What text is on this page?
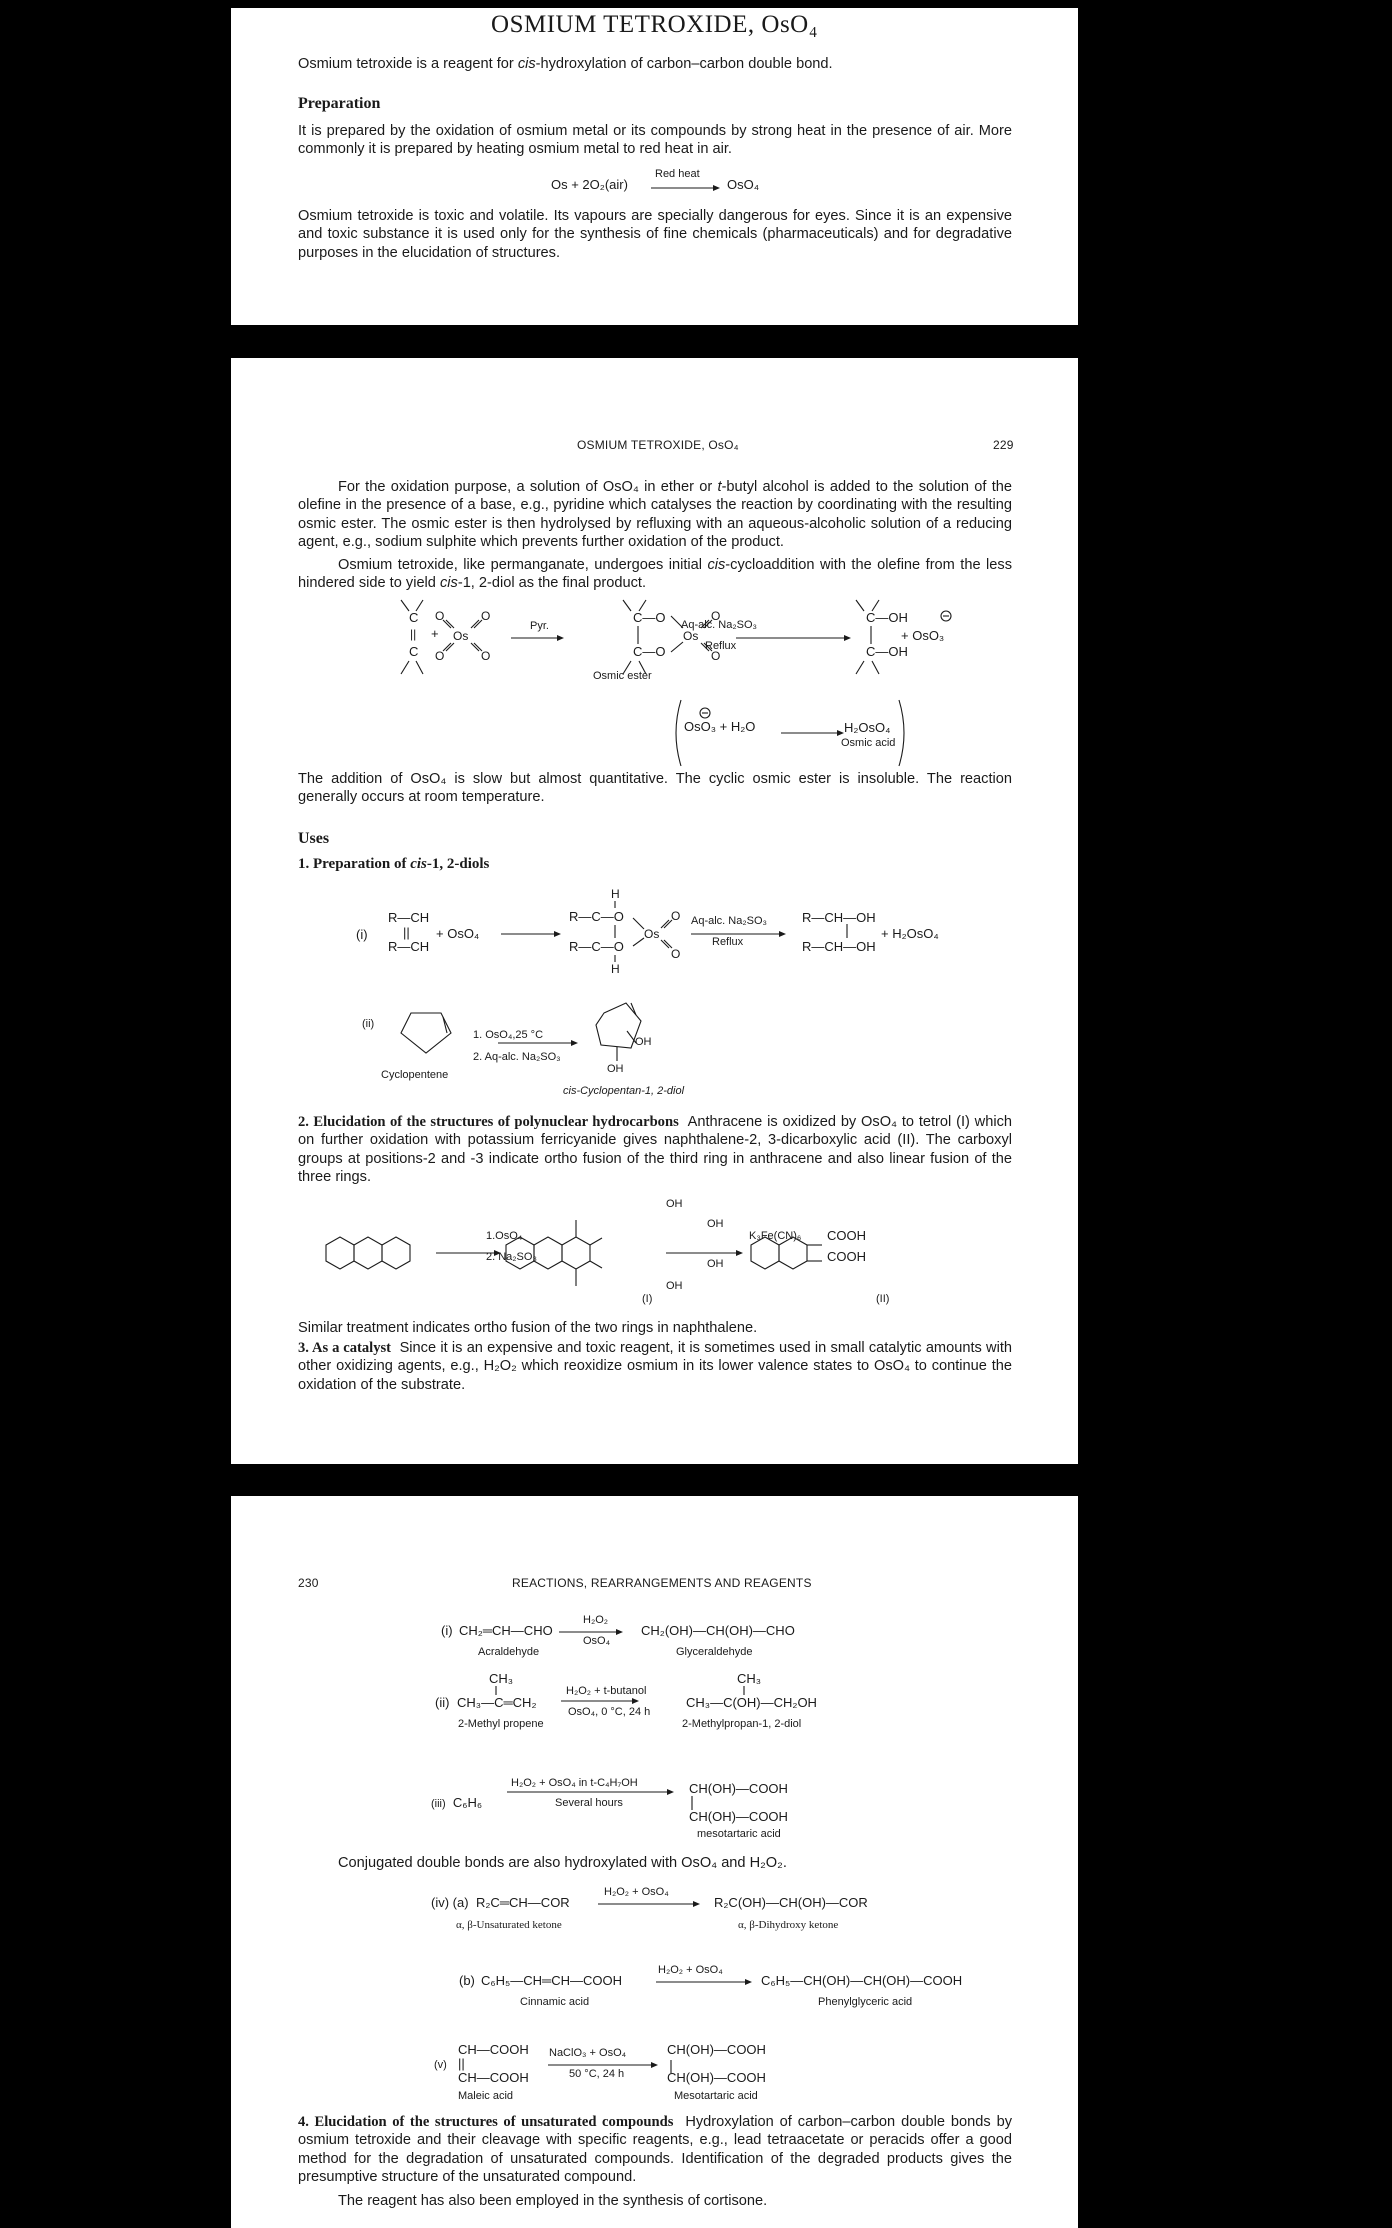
OSMIUM TETROXIDE, OsO₄
Osmium tetroxide is a reagent for cis-hydroxylation of carbon–carbon double bond.
Preparation
It is prepared by the oxidation of osmium metal or its compounds by strong heat in the presence of air. More commonly it is prepared by heating osmium metal to red heat in air.
Os + 2O₂(air)
Red heat
OsO₄
Osmium tetroxide is toxic and volatile. Its vapours are specially dangerous for eyes. Since it is an expensive and toxic substance it is used only for the synthesis of fine chemicals (pharmaceuticals) and for degradative purposes in the elucidation of structures.
OSMIUM TETROXIDE, OsO₄	229
For the oxidation purpose, a solution of OsO₄ in ether or t-butyl alcohol is added to the solution of the olefine in the presence of a base, e.g., pyridine which catalyses the reaction by coordinating with the resulting osmic ester. The osmic ester is then hydrolysed by refluxing with an aqueous-alcoholic solution of a reducing agent, e.g., sodium sulphite which prevents further oxidation of the product.
Osmium tetroxide, like permanganate, undergoes initial cis-cycloaddition with the olefine from the less hindered side to yield cis-1, 2-diol as the final product.
C
||
C
+ Os
O	O
O	O
C—O
C—O
Os
O
O
C—OH
C—OH
Pyr.	Aq-alc. Na₂SO₃
Reflux
+ OsO₃
Osmic ester
OsO₃ + H₂O	H₂OsO₄
Osmic acid
The addition of OsO₄ is slow but almost quantitative. The cyclic osmic ester is insoluble. The reaction generally occurs at room temperature.
Uses
1. Preparation of cis-1, 2-diols
(i)
R—CH
||
R—CH
+ OsO₄
H
R—C—O
R—C—O
H
Os
O
O
Aq-alc. Na₂SO₃
Reflux
R—CH—OH
R—CH—OH
+ H₂OsO₄
(ii)
Cyclopentene
1. OsO₄,25 °C
2. Aq-alc. Na₂SO₃
OH
OH
cis-Cyclopentan-1, 2-diol
2. Elucidation of the structures of polynuclear hydrocarbons Anthracene is oxidized by OsO₄ to tetrol (I) which on further oxidation with potassium ferricyanide gives naphthalene-2, 3-dicarboxylic acid (II). The carboxyl groups at positions-2 and -3 indicate ortho fusion of the third ring in anthracene and also linear fusion of the three rings.
OH
OH
OH
OH
1.OsO₄
2. Na₂SO₃
K₃Fe(CN)₆ COOH
COOH
(I)	(II)
Similar treatment indicates ortho fusion of the two rings in naphthalene.
3. As a catalyst Since it is an expensive and toxic reagent, it is sometimes used in small catalytic amounts with other oxidizing agents, e.g., H₂O₂ which reoxidize osmium in its lower valence states to OsO₄ to continue the oxidation of the substrate.
230	REACTIONS, REARRANGEMENTS AND REAGENTS
(i) CH₂═CH—CHO
H₂O₂
OsO₄
CH₂(OH)—CH(OH)—CHO
Acraldehyde	Glyceraldehyde
CH₃
(ii) CH₃—C═CH₂
H₂O₂ + t-butanol
OsO₄, 0 °C, 24 h
CH₃
CH₃—C(OH)—CH₂OH
2-Methyl propene	2-Methylpropan-1, 2-diol
(iii) C₆H₆
H₂O₂ + OsO₄ in t-C₄H₇OH
Several hours
CH(OH)—COOH
CH(OH)—COOH
mesotartaric acid
Conjugated double bonds are also hydroxylated with OsO₄ and H₂O₂.
(iv) (a) R₂C═CH—COR
H₂O₂ + OsO₄
R₂C(OH)—CH(OH)—COR
α, β-Unsaturated ketone	α, β-Dihydroxy ketone
(b) C₆H₅—CH═CH—COOH
H₂O₂ + OsO₄
C₆H₅—CH(OH)—CH(OH)—COOH
Cinnamic acid	Phenylglyceric acid
CH—COOH
(v) ||
CH—COOH
NaClO₃ + OsO₄
50 °C, 24 h
CH(OH)—COOH
CH(OH)—COOH
Maleic acid	Mesotartaric acid
4. Elucidation of the structures of unsaturated compounds Hydroxylation of carbon–carbon double bonds by osmium tetroxide and their cleavage with specific reagents, e.g., lead tetraacetate or peracids offer a good method for the degradation of unsaturated compounds. Identification of the degraded products gives the presumptive structure of the unsaturated compound.
The reagent has also been employed in the synthesis of cortisone.
